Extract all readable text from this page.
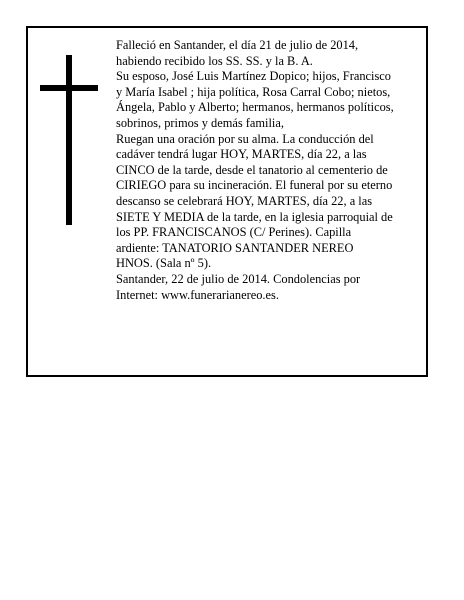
Falleció en Santander, el día 21 de julio de 2014,
habiendo recibido los SS. SS. y la B. A.
Su esposo, José Luis Martínez Dopico; hijos, Francisco
y María Isabel ; hija política, Rosa Carral Cobo; nietos,
Ángela, Pablo y Alberto; hermanos, hermanos políticos,
sobrinos, primos y demás familia,
Ruegan una oración por su alma. La conducción del
cadáver tendrá lugar HOY, MARTES, día 22, a las
CINCO de la tarde, desde el tanatorio al cementerio de
CIRIEGO para su incineración. El funeral por su eterno
descanso se celebrará HOY, MARTES, día 22, a las
SIETE Y MEDIA de la tarde, en la iglesia parroquial de
los PP. FRANCISCANOS (C/ Perines). Capilla
ardiente: TANATORIO SANTANDER NEREO
HNOS. (Sala nº 5).
Santander, 22 de julio de 2014. Condolencias por
Internet: www.funerarianereo.es.
